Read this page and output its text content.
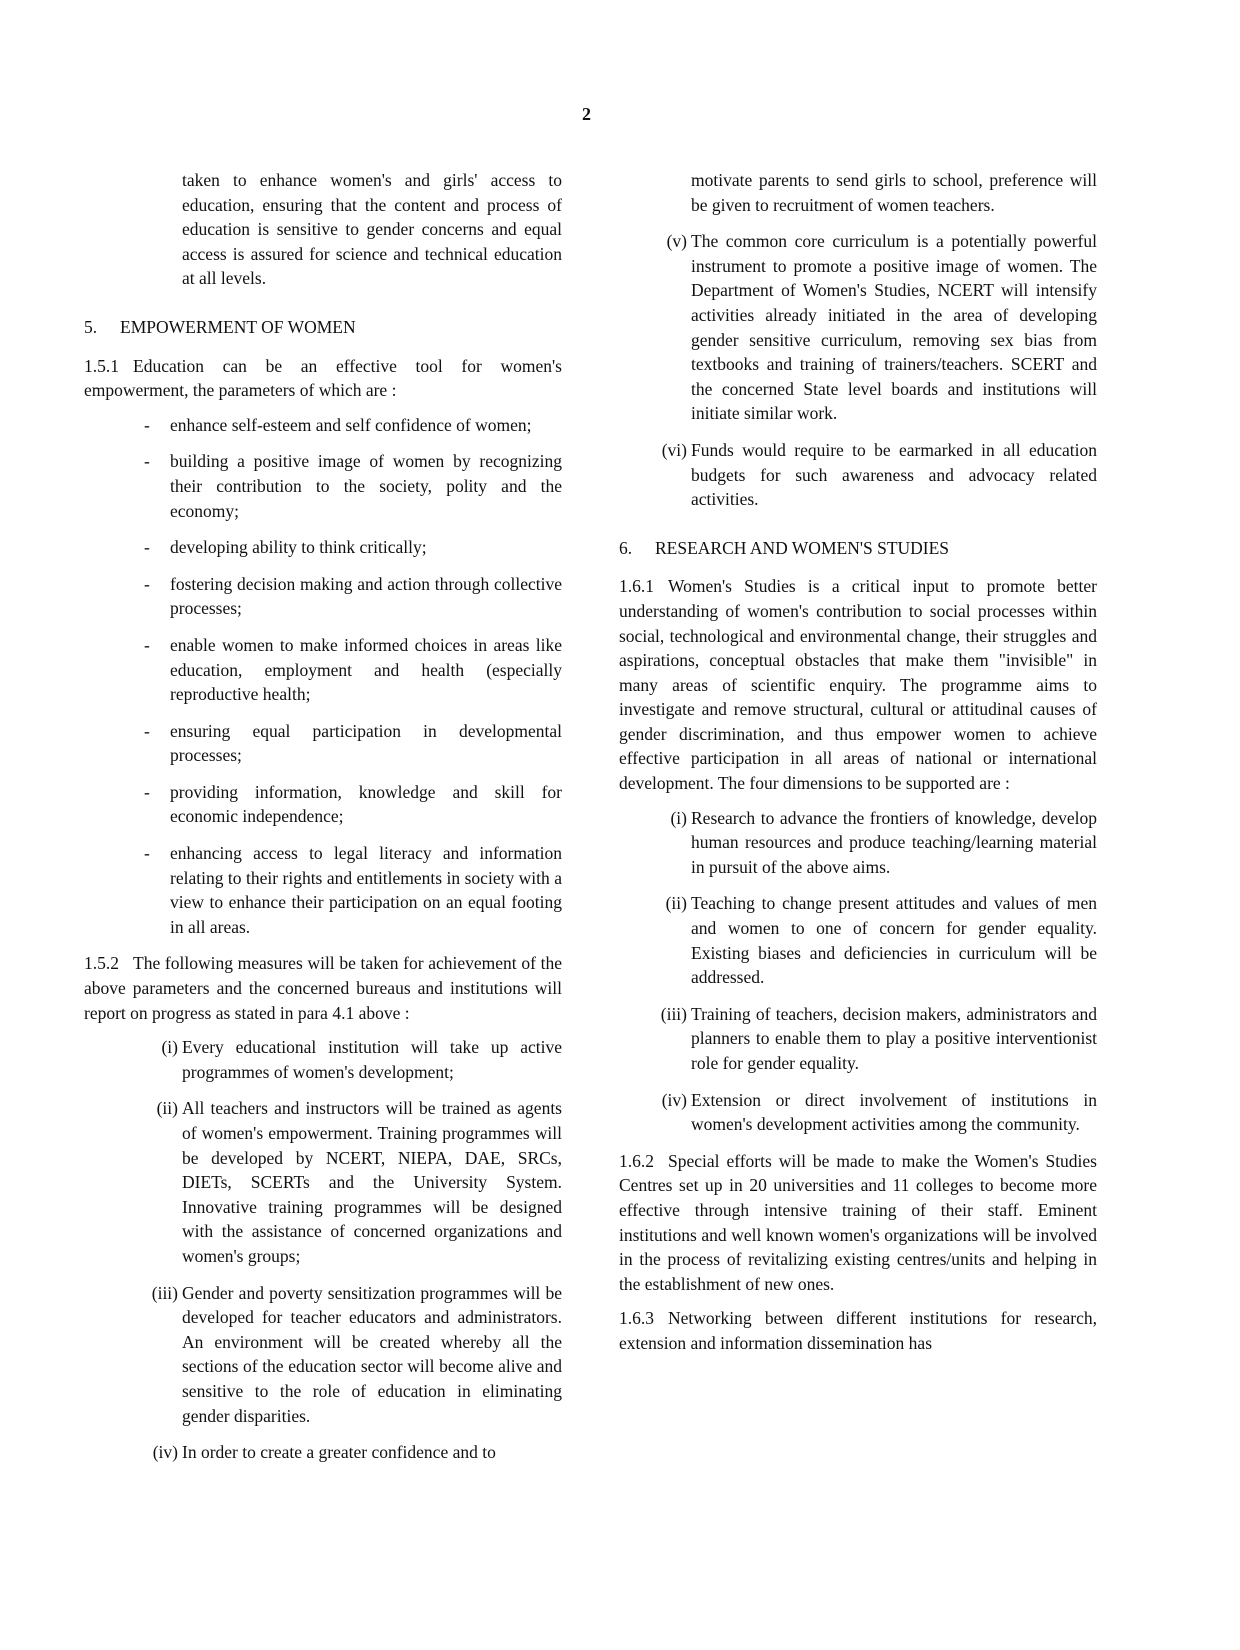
2

taken to enhance women's and girls' access to education, ensuring that the content and process of education is sensitive to gender concerns and equal access is assured for science and technical education at all levels.

5. EMPOWERMENT OF WOMEN

1.5.1 Education can be an effective tool for women's empowerment, the parameters of which are :

- enhance self-esteem and self confidence of women;
- building a positive image of women by recognizing their contribution to the society, polity and the economy;
- developing ability to think critically;
- fostering decision making and action through collective processes;
- enable women to make informed choices in areas like education, employment and health (especially reproductive health;
- ensuring equal participation in developmental processes;
- providing information, knowledge and skill for economic independence;
- enhancing access to legal literacy and information relating to their rights and entitlements in society with a view to enhance their participation on an equal footing in all areas.

1.5.2 The following measures will be taken for achievement of the above parameters and the concerned bureaus and institutions will report on progress as stated in para 4.1 above :

(i) Every educational institution will take up active programmes of women's development;
(ii) All teachers and instructors will be trained as agents of women's empowerment. Training programmes will be developed by NCERT, NIEPA, DAE, SRCs, DIETs, SCERTs and the University System. Innovative training programmes will be designed with the assistance of concerned organizations and women's groups;
(iii) Gender and poverty sensitization programmes will be developed for teacher educators and administrators. An environment will be created whereby all the sections of the education sector will become alive and sensitive to the role of education in eliminating gender disparities.
(iv) In order to create a greater confidence and to

motivate parents to send girls to school, preference will be given to recruitment of women teachers.

(v) The common core curriculum is a potentially powerful instrument to promote a positive image of women. The Department of Women's Studies, NCERT will intensify activities already initiated in the area of developing gender sensitive curriculum, removing sex bias from textbooks and training of trainers/teachers. SCERT and the concerned State level boards and institutions will initiate similar work.
(vi) Funds would require to be earmarked in all education budgets for such awareness and advocacy related activities.
6. RESEARCH AND WOMEN'S STUDIES

1.6.1 Women's Studies is a critical input to promote better understanding of women's contribution to social processes within social, technological and environmental change, their struggles and aspirations, conceptual obstacles that make them "invisible" in many areas of scientific enquiry. The programme aims to investigate and remove structural, cultural or attitudinal causes of gender discrimination, and thus empower women to achieve effective participation in all areas of national or international development. The four dimensions to be supported are :

(i) Research to advance the frontiers of knowledge, develop human resources and produce teaching/learning material in pursuit of the above aims.
(ii) Teaching to change present attitudes and values of men and women to one of concern for gender equality. Existing biases and deficiencies in curriculum will be addressed.
(iii) Training of teachers, decision makers, administrators and planners to enable them to play a positive interventionist role for gender equality.
(iv) Extension or direct involvement of institutions in women's development activities among the community.

1.6.2 Special efforts will be made to make the Women's Studies Centres set up in 20 universities and 11 colleges to become more effective through intensive training of their staff. Eminent institutions and well known women's organizations will be involved in the process of revitalizing existing centres/units and helping in the establishment of new ones.

1.6.3 Networking between different institutions for research, extension and information dissemination has
